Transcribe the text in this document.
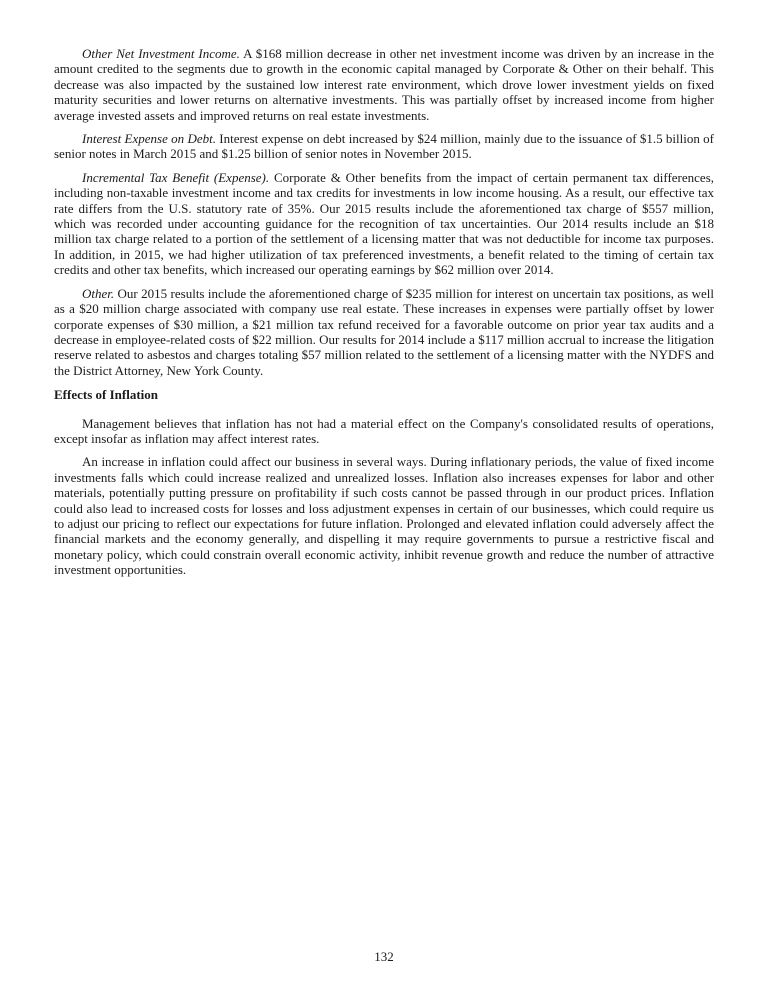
Other Net Investment Income. A $168 million decrease in other net investment income was driven by an increase in the amount credited to the segments due to growth in the economic capital managed by Corporate & Other on their behalf. This decrease was also impacted by the sustained low interest rate environment, which drove lower investment yields on fixed maturity securities and lower returns on alternative investments. This was partially offset by increased income from higher average invested assets and improved returns on real estate investments.

Interest Expense on Debt. Interest expense on debt increased by $24 million, mainly due to the issuance of $1.5 billion of senior notes in March 2015 and $1.25 billion of senior notes in November 2015.

Incremental Tax Benefit (Expense). Corporate & Other benefits from the impact of certain permanent tax differences, including non-taxable investment income and tax credits for investments in low income housing. As a result, our effective tax rate differs from the U.S. statutory rate of 35%. Our 2015 results include the aforementioned tax charge of $557 million, which was recorded under accounting guidance for the recognition of tax uncertainties. Our 2014 results include an $18 million tax charge related to a portion of the settlement of a licensing matter that was not deductible for income tax purposes. In addition, in 2015, we had higher utilization of tax preferenced investments, a benefit related to the timing of certain tax credits and other tax benefits, which increased our operating earnings by $62 million over 2014.

Other. Our 2015 results include the aforementioned charge of $235 million for interest on uncertain tax positions, as well as a $20 million charge associated with company use real estate. These increases in expenses were partially offset by lower corporate expenses of $30 million, a $21 million tax refund received for a favorable outcome on prior year tax audits and a decrease in employee-related costs of $22 million. Our results for 2014 include a $117 million accrual to increase the litigation reserve related to asbestos and charges totaling $57 million related to the settlement of a licensing matter with the NYDFS and the District Attorney, New York County.

Effects of Inflation

Management believes that inflation has not had a material effect on the Company's consolidated results of operations, except insofar as inflation may affect interest rates.

An increase in inflation could affect our business in several ways. During inflationary periods, the value of fixed income investments falls which could increase realized and unrealized losses. Inflation also increases expenses for labor and other materials, potentially putting pressure on profitability if such costs cannot be passed through in our product prices. Inflation could also lead to increased costs for losses and loss adjustment expenses in certain of our businesses, which could require us to adjust our pricing to reflect our expectations for future inflation. Prolonged and elevated inflation could adversely affect the financial markets and the economy generally, and dispelling it may require governments to pursue a restrictive fiscal and monetary policy, which could constrain overall economic activity, inhibit revenue growth and reduce the number of attractive investment opportunities.

132
